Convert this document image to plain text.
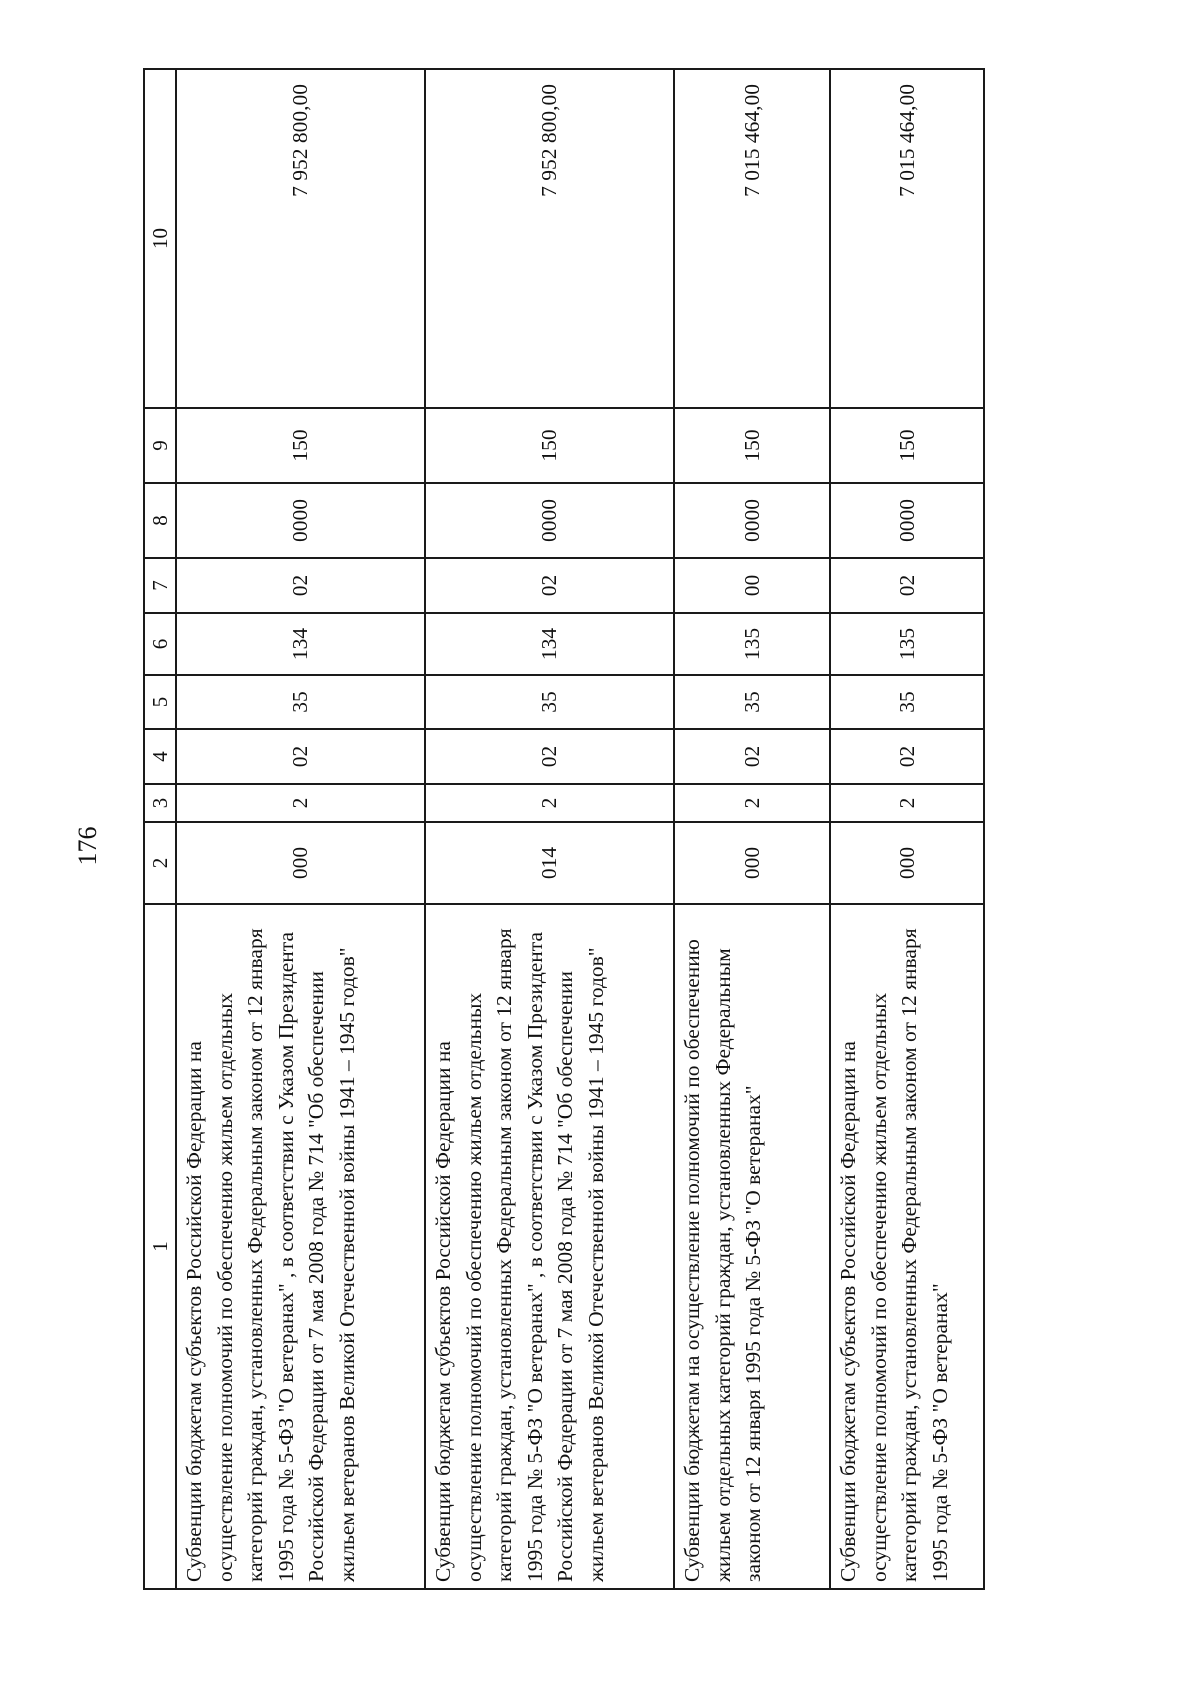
176
1	2	3	4	5	6	7	8	9	10
Субвенции бюджетам субъектов Российской Федерации на осуществление полномочий по обеспечению жильем отдельных категорий граждан, установленных Федеральным законом от 12 января 1995 года № 5-ФЗ "О ветеранах" , в соответствии с Указом Президента Российской Федерации от 7 мая 2008 года № 714 "Об обеспечении жильем ветеранов Великой Отечественной войны 1941 – 1945 годов"	000	2	02	35	134	02	0000	150	7 952 800,00
Субвенции бюджетам субъектов Российской Федерации на осуществление полномочий по обеспечению жильем отдельных категорий граждан, установленных Федеральным законом от 12 января 1995 года № 5-ФЗ "О ветеранах" , в соответствии с Указом Президента Российской Федерации от 7 мая 2008 года № 714 "Об обеспечении жильем ветеранов Великой Отечественной войны 1941 – 1945 годов"	014	2	02	35	134	02	0000	150	7 952 800,00
Субвенции бюджетам на осуществление полномочий по обеспечению жильем отдельных категорий граждан, установленных Федеральным законом от 12 января 1995 года № 5-ФЗ "О ветеранах"	000	2	02	35	135	00	0000	150	7 015 464,00
Субвенции бюджетам субъектов Российской Федерации на осуществление полномочий по обеспечению жильем отдельных категорий граждан, установленных Федеральным законом от 12 января 1995 года № 5-ФЗ "О ветеранах"	000	2	02	35	135	02	0000	150	7 015 464,00
